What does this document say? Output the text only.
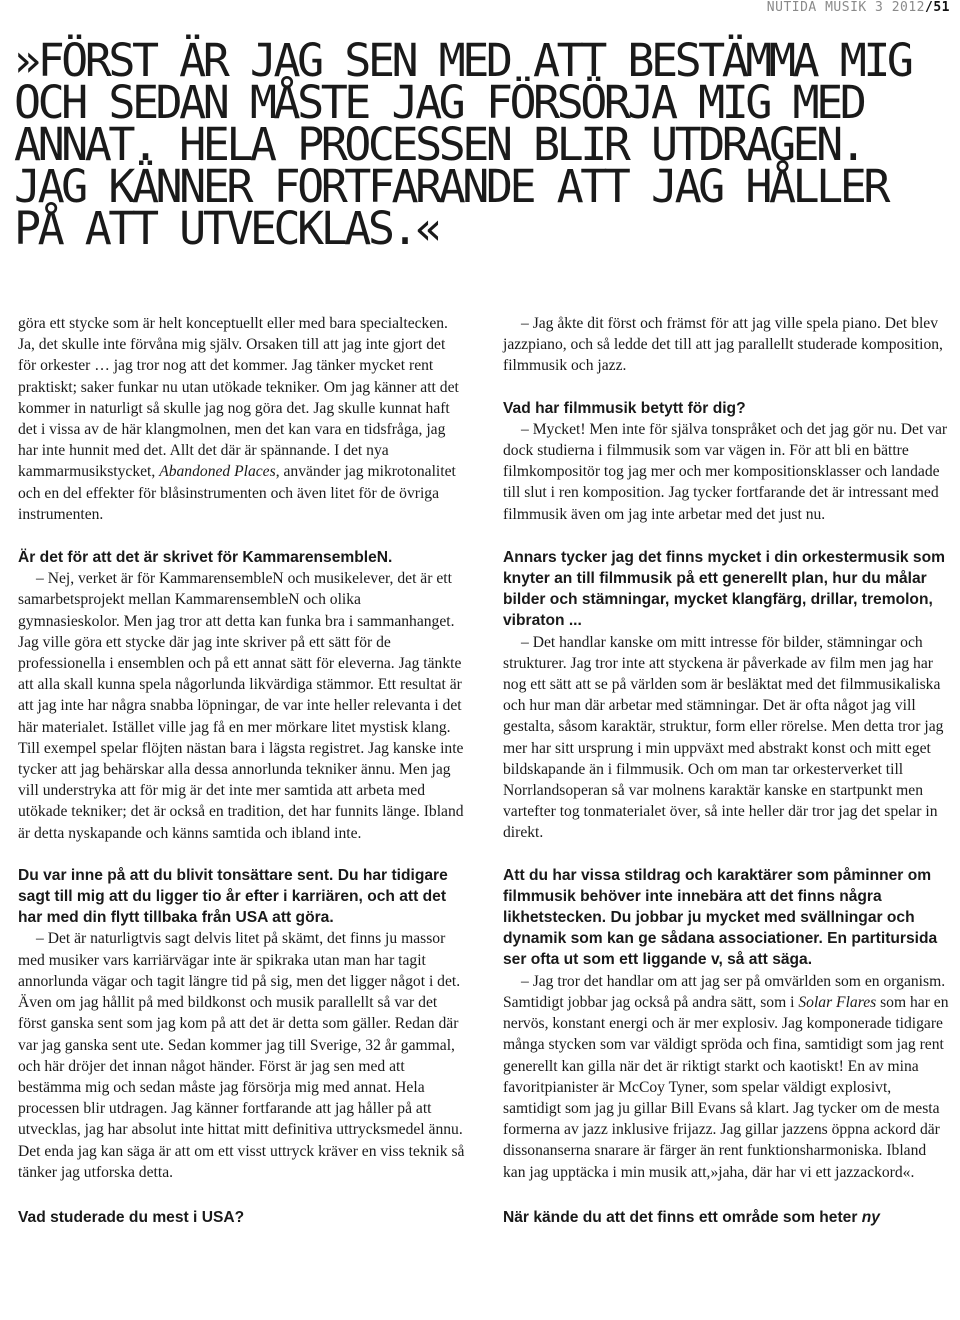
NUTIDA MUSIK 3 2012/51
»FÖRST ÄR JAG SEN MED ATT BESTÄMMA MIG OCH SEDAN MÅSTE JAG FÖRSÖRJA MIG MED ANNAT. HELA PROCESSEN BLIR UTDRAGEN. JAG KÄNNER FORTFARANDE ATT JAG HÅLLER PÅ ATT UTVECKLAS.«

göra ett stycke som är helt konceptuellt eller med bara specialtecken. Ja, det skulle inte förvåna mig själv. Orsaken till att jag inte gjort det för orkester … jag tror nog att det kommer. Jag tänker mycket rent praktiskt; saker funkar nu utan utökade tekniker. Om jag känner att det kommer in naturligt så skulle jag nog göra det. Jag skulle kunnat haft det i vissa av de här klangmolnen, men det kan vara en tidsfråga, jag har inte hunnit med det. Allt det där är spännande. I det nya kammarmusikstycket, Abandoned Places, använder jag mikrotonalitet och en del effekter för blåsinstrumenten och även litet för de övriga instrumenten.

Är det för att det är skrivet för KammarensembleN.

– Nej, verket är för KammarensembleN och musikelever, det är ett samarbetsprojekt mellan KammarensembleN och olika gymnasieskolor. Men jag tror att detta kan funka bra i sammanhanget. Jag ville göra ett stycke där jag inte skriver på ett sätt för de professionella i ensemblen och på ett annat sätt för eleverna. Jag tänkte att alla skall kunna spela någorlunda likvärdiga stämmor. Ett resultat är att jag inte har några snabba löpningar, de var inte heller relevanta i det här materialet. Istället ville jag få en mer mörkare litet mystisk klang. Till exempel spelar flöjten nästan bara i lägsta registret. Jag kanske inte tycker att jag behärskar alla dessa annorlunda tekniker ännu. Men jag vill understryka att för mig är det inte mer samtida att arbeta med utökade tekniker; det är också en tradition, det har funnits länge. Ibland är detta nyskapande och känns samtida och ibland inte.

Du var inne på att du blivit tonsättare sent. Du har tidigare sagt till mig att du ligger tio år efter i karriären, och att det har med din flytt tillbaka från USA att göra.

– Det är naturligtvis sagt delvis litet på skämt, det finns ju massor med musiker vars karriärvägar inte är spikraka utan man har tagit annorlunda vägar och tagit längre tid på sig, men det ligger något i det. Även om jag hållit på med bildkonst och musik parallellt så var det först ganska sent som jag kom på att det är detta som gäller. Redan där var jag ganska sent ute. Sedan kommer jag till Sverige, 32 år gammal, och här dröjer det innan något händer. Först är jag sen med att bestämma mig och sedan måste jag försörja mig med annat. Hela processen blir utdragen. Jag känner fortfarande att jag håller på att utvecklas, jag har absolut inte hittat mitt definitiva uttrycksmedel ännu. Det enda jag kan säga är att om ett visst uttryck kräver en viss teknik så tänker jag utforska detta.

Vad studerade du mest i USA?

– Jag åkte dit först och främst för att jag ville spela piano. Det blev jazzpiano, och så ledde det till att jag parallellt studerade komposition, filmmusik och jazz.

Vad har filmmusik betytt för dig?

– Mycket! Men inte för själva tonspråket och det jag gör nu. Det var dock studierna i filmmusik som var vägen in. För att bli en bättre filmkompositör tog jag mer och mer kompositionsklasser och landade till slut i ren komposition. Jag tycker fortfarande det är intressant med filmmusik även om jag inte arbetar med det just nu.

Annars tycker jag det finns mycket i din orkestermusik som knyter an till filmmusik på ett generellt plan, hur du målar bilder och stämningar, mycket klangfärg, drillar, tremolon, vibraton ...

– Det handlar kanske om mitt intresse för bilder, stämningar och strukturer. Jag tror inte att styckena är påverkade av film men jag har nog ett sätt att se på världen som är besläktat med det filmmusikaliska och hur man där arbetar med stämningar. Det är ofta något jag vill gestalta, såsom karaktär, struktur, form eller rörelse. Men detta tror jag mer har sitt ursprung i min uppväxt med abstrakt konst och mitt eget bildskapande än i filmmusik. Och om man tar orkesterverket till Norrlandsoperan så var molnens karaktär kanske en startpunkt men vartefter tog tonmaterialet över, så inte heller där tror jag det spelar in direkt.

Att du har vissa stildrag och karaktärer som påminner om filmmusik behöver inte innebära att det finns några likhetstecken. Du jobbar ju mycket med svällningar och dynamik som kan ge sådana associationer. En partitursida ser ofta ut som ett liggande v, så att säga.

– Jag tror det handlar om att jag ser på omvärlden som en organism. Samtidigt jobbar jag också på andra sätt, som i Solar Flares som har en nervös, konstant energi och är mer explosiv. Jag komponerade tidigare många stycken som var väldigt spröda och fina, samtidigt som jag rent generellt kan gilla när det är riktigt starkt och kaotiskt! En av mina favoritpianister är McCoy Tyner, som spelar väldigt explosivt, samtidigt som jag ju gillar Bill Evans så klart. Jag tycker om de mesta formerna av jazz inklusive frijazz. Jag gillar jazzens öppna ackord där dissonanserna snarare är färger än rent funktionsharmoniska. Ibland kan jag upptäcka i min musik att,»jaha, där har vi ett jazzackord«.

När kände du att det finns ett område som heter ny
